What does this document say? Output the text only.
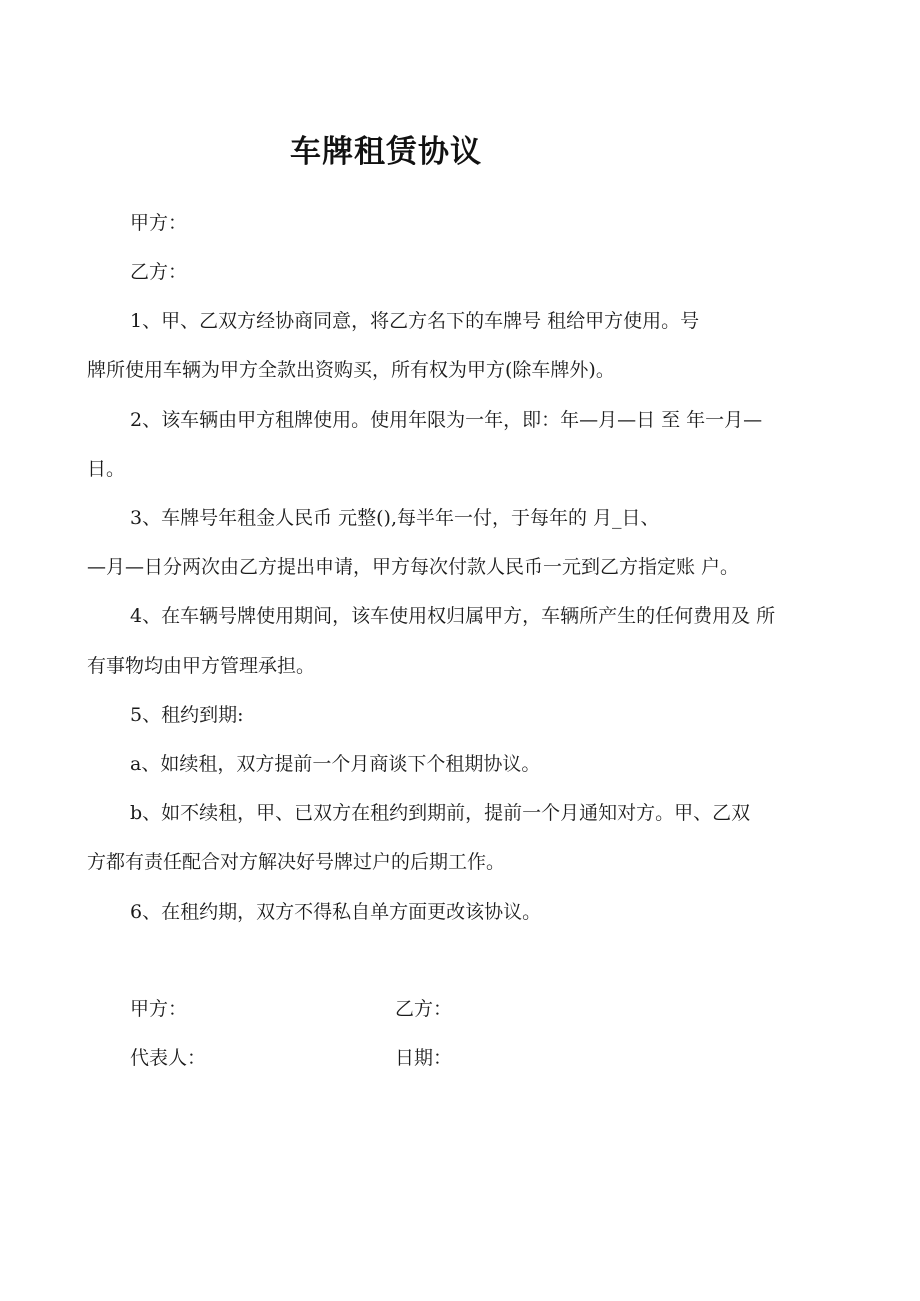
车牌租赁协议
甲方：
乙方：
1、甲、乙双方经协商同意，将乙方名下的车牌号 租给甲方使用。号
牌所使用车辆为甲方全款出资购买，所有权为甲方(除车牌外)。
2、该车辆由甲方租牌使用。使用年限为一年，即：年—月—日 至 年一月—
日。
3、车牌号年租金人民币 元整(),每半年一付，于每年的 月_日、
—月—日分两次由乙方提出申请，甲方每次付款人民币一元到乙方指定账 户。
4、在车辆号牌使用期间，该车使用权归属甲方，车辆所产生的任何费用及 所
有事物均由甲方管理承担。
5、租约到期:
a、如续租，双方提前一个月商谈下个租期协议。
b、如不续租，甲、已双方在租约到期前，提前一个月通知对方。甲、乙双
方都有责任配合对方解决好号牌过户的后期工作。
6、在租约期，双方不得私自单方面更改该协议。
甲方：	乙方：
代表人：	日期：
